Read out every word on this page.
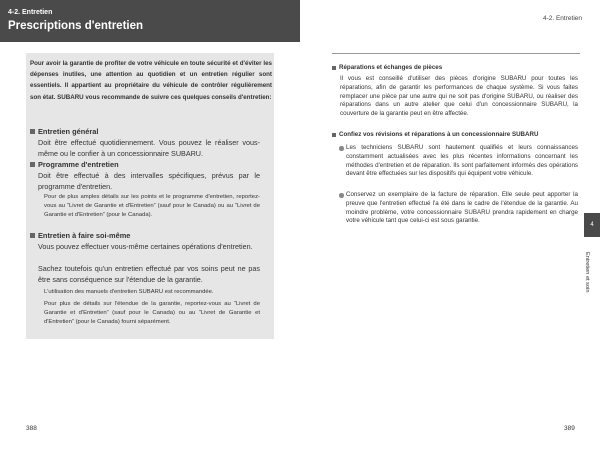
4-2. Entretien
Prescriptions d'entretien
4-2. Entretien
Pour avoir la garantie de profiter de votre véhicule en toute sécurité et d'éviter les dépenses inutiles, une attention au quotidien et un entretien régulier sont essentiels. Il appartient au propriétaire du véhicule de contrôler régulièrement son état. SUBARU vous recommande de suivre ces quelques conseils d'entretien:
Entretien général
Doit être effectué quotidiennement. Vous pouvez le réaliser vous-même ou le confier à un concessionnaire SUBARU.
Programme d'entretien
Doit être effectué à des intervalles spécifiques, prévus par le programme d'entretien.
Pour de plus amples détails sur les points et le programme d'entretien, reportez-vous au “Livret de Garantie et d'Entretien” (sauf pour le Canada) ou au “Livret de Garantie et d'Entretien” (pour le Canada).
Entretien à faire soi-même
Vous pouvez effectuer vous-même certaines opérations d'entretien.
Sachez toutefois qu'un entretien effectué par vos soins peut ne pas être sans conséquence sur l'étendue de la garantie.
L'utilisation des manuels d'entretien SUBARU est recommandée.
Pour plus de détails sur l'étendue de la garantie, reportez-vous au “Livret de Garantie et d'Entretien” (sauf pour le Canada) ou au “Livret de Garantie et d'Entretien” (pour le Canada) fourni séparément.
Réparations et échanges de pièces
Il vous est conseillé d'utiliser des pièces d'origine SUBARU pour toutes les réparations, afin de garantir les performances de chaque système. Si vous faites remplacer une pièce par une autre qui ne soit pas d'origine SUBARU, ou réaliser des réparations dans un autre atelier que celui d'un concessionnaire SUBARU, la couverture de la garantie peut en être affectée.
Confiez vos révisions et réparations à un concessionnaire SUBARU
Les techniciens SUBARU sont hautement qualifiés et leurs connaissances constamment actualisées avec les plus récentes informations concernant les méthodes d'entretien et de réparation. Ils sont parfaitement informés des opérations devant être effectuées sur les dispositifs qui équipent votre véhicule.
Conservez un exemplaire de la facture de réparation. Elle seule peut apporter la preuve que l'entretien effectué l'a été dans le cadre de l'étendue de la garantie. Au moindre problème, votre concessionnaire SUBARU prendra rapidement en charge votre véhicule tant que celui-ci est sous garantie.
4
Entretien et soin
388	389
